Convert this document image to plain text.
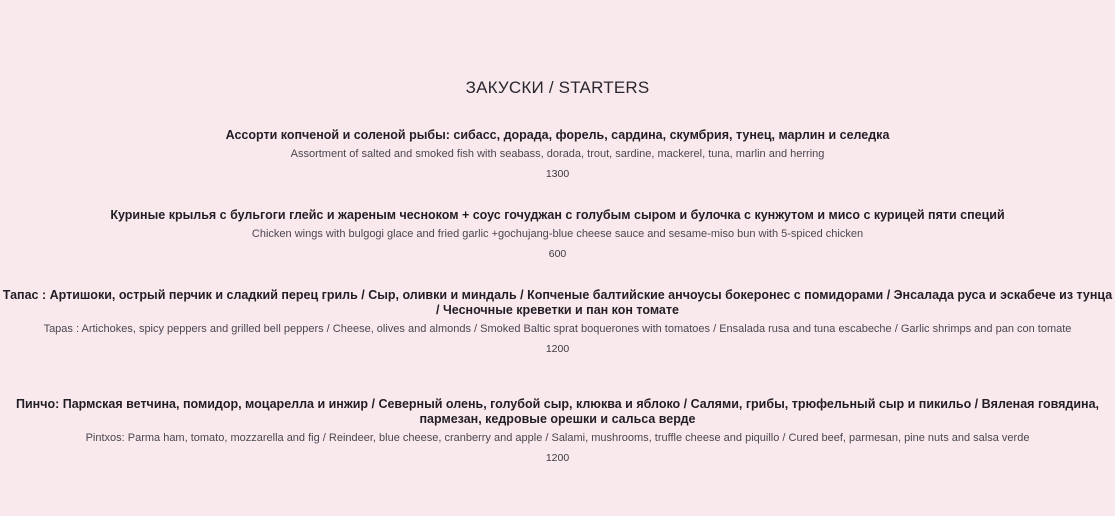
ЗАКУСКИ / STARTERS
Ассорти копченой и соленой рыбы: сибасс, дорада, форель, сардина, скумбрия, тунец, марлин и селедка
Assortment of salted and smoked fish with seabass, dorada, trout, sardine, mackerel, tuna, marlin and herring
1300
Куриные крылья с бульгоги глейс и жареным чесноком + соус гочуджан с голубым сыром и булочка с кунжутом и мисо с курицей пяти специй
Chicken wings with bulgogi glace and fried garlic +gochujang-blue cheese sauce and sesame-miso bun with 5-spiced chicken
600
Тапас : Артишоки, острый перчик и сладкий перец гриль / Сыр, оливки и миндаль / Копченые балтийские анчоусы бокеронес с помидорами / Энсалада руса и эскабече из тунца / Чесночные креветки и пан кон томате
Tapas : Artichokes, spicy peppers and grilled bell peppers / Cheese, olives and almonds / Smoked Baltic sprat boquerones with tomatoes / Ensalada rusa and tuna escabeche / Garlic shrimps and pan con tomate
1200
Пинчо: Пармская ветчина, помидор, моцарелла и инжир / Северный олень, голубой сыр, клюква и яблоко / Салями, грибы, трюфельный сыр и пикильо / Вяленая говядина, пармезан, кедровые орешки и сальса верде
Pintxos: Parma ham, tomato, mozzarella and fig / Reindeer, blue cheese, cranberry and apple / Salami, mushrooms, truffle cheese and piquillo / Cured beef, parmesan, pine nuts and salsa verde
1200
